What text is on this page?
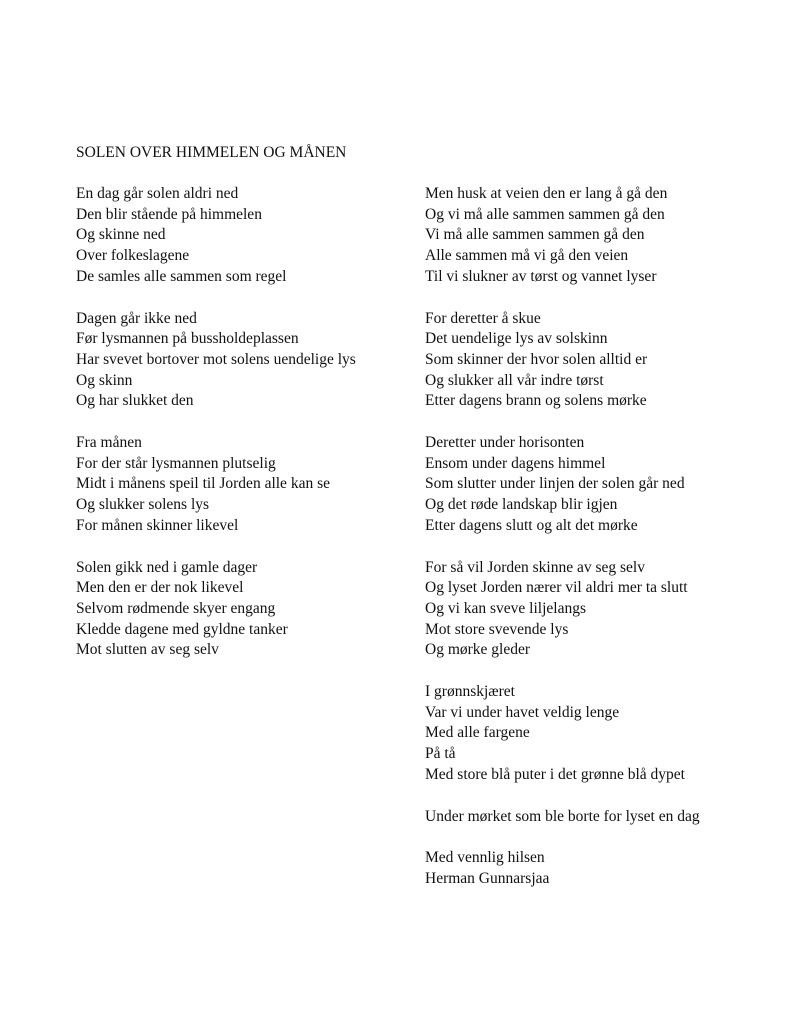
SOLEN OVER HIMMELEN OG MÅNEN
En dag går solen aldri ned
Den blir stående på himmelen
Og skinne ned
Over folkeslagene
De samles alle sammen som regel
Dagen går ikke ned
Før lysmannen på bussholdeplassen
Har svevet bortover mot solens uendelige lys
Og skinn
Og har slukket den
Fra månen
For der står lysmannen plutselig
Midt i månens speil til Jorden alle kan se
Og slukker solens lys
For månen skinner likevel
Solen gikk ned i gamle dager
Men den er der nok likevel
Selvom rødmende skyer engang
Kledde dagene med gyldne tanker
Mot slutten av seg selv
Men husk at veien den er lang å gå den
Og vi må alle sammen sammen gå den
Vi må alle sammen sammen gå den
Alle sammen må vi gå den veien
Til vi slukner av tørst og vannet lyser
For deretter å skue
Det uendelige lys av solskinn
Som skinner der hvor solen alltid er
Og slukker all vår indre tørst
Etter dagens brann og solens mørke
Deretter under horisonten
Ensom under dagens himmel
Som slutter under linjen der solen går ned
Og det røde landskap blir igjen
Etter dagens slutt og alt det mørke
For så vil Jorden skinne av seg selv
Og lyset Jorden nærer vil aldri mer ta slutt
Og vi kan sveve liljelangs
Mot store svevende lys
Og mørke gleder
I grønnskjæret
Var vi under havet veldig lenge
Med alle fargene
På tå
Med store blå puter i det grønne blå dypet
Under mørket som ble borte for lyset en dag
Med vennlig hilsen
Herman Gunnarsjaa
